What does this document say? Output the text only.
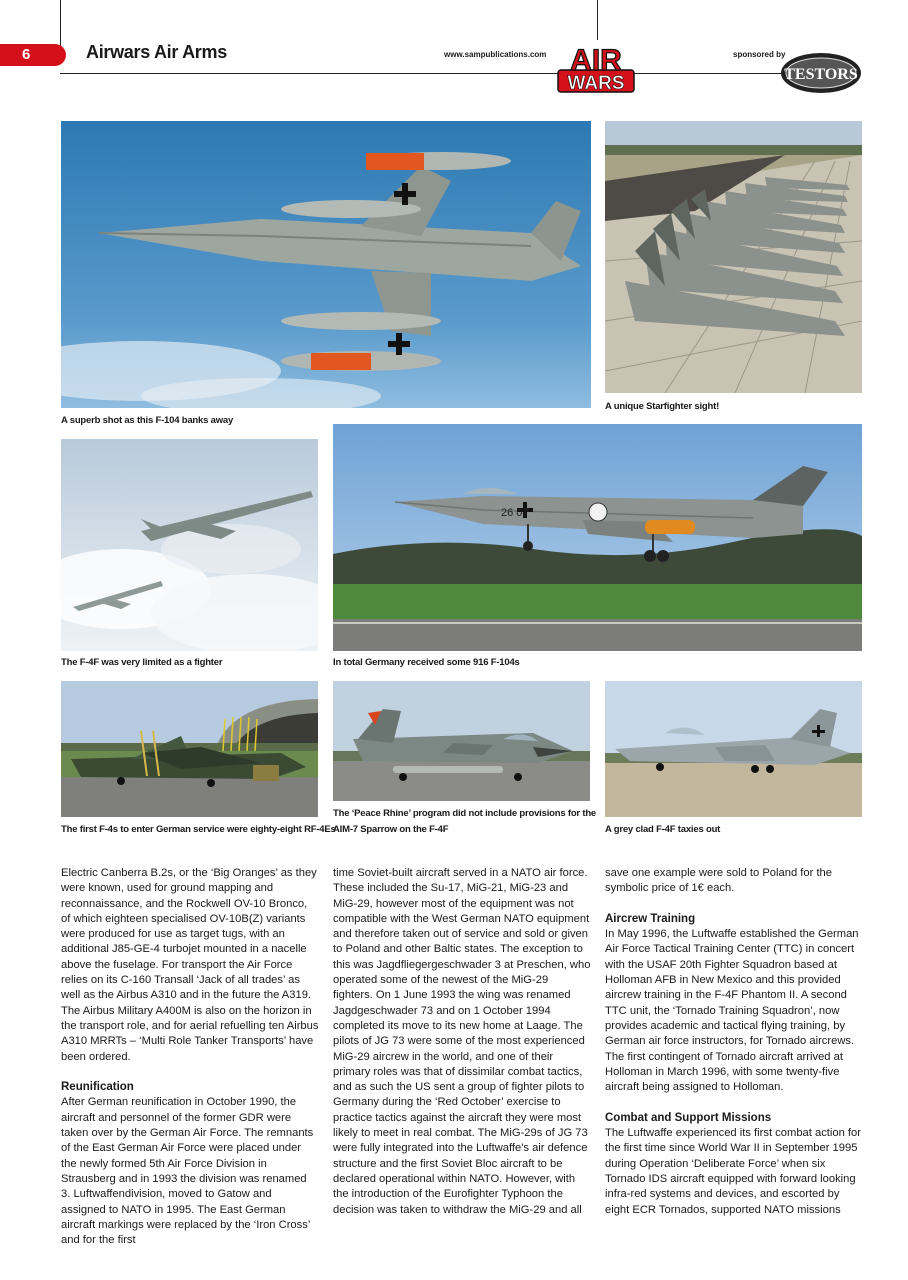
6	Airwars Air Arms	www.sampublications.com AIR
WARS
sponsored by
TESTORS
A superb shot as this F-104 banks away
A unique Starfighter sight!
The F-4F was very limited as a fighter
26 07
In total Germany received some 916 F-104s
The first F-4s to enter German service were eighty-eight RF-4Es
The ‘Peace Rhine’ program did not include provisions for the
AIM-7 Sparrow on the F-4F	A grey clad F-4F taxies out

Electric Canberra B.2s, or the ‘Big Oranges’ as they were known, used for ground mapping and reconnaissance, and the Rockwell OV-10 Bronco, of which eighteen specialised OV-10B(Z) variants were produced for use as target tugs, with an additional J85-GE-4 turbojet mounted in a nacelle above the fuselage. For transport the Air Force relies on its C-160 Transall ‘Jack of all trades’ as well as the Airbus A310 and in the future the A319. The Airbus Military A400M is also on the horizon in the transport role, and for aerial refuelling ten Airbus A310 MRRTs – ‘Multi Role Tanker Transports’ have been ordered.

Reunification

After German reunification in October 1990, the aircraft and personnel of the former GDR were taken over by the German Air Force. The remnants of the East German Air Force were placed under the newly formed 5th Air Force Division in Strausberg and in 1993 the division was renamed 3. Luftwaffendivision, moved to Gatow and assigned to NATO in 1995. The East German aircraft markings were replaced by the ‘Iron Cross’ and for the first

time Soviet-built aircraft served in a NATO air force. These included the Su-17, MiG-21, MiG-23 and MiG-29, however most of the equipment was not compatible with the West German NATO equipment and therefore taken out of service and sold or given to Poland and other Baltic states. The exception to this was Jagdfliegergeschwader 3 at Preschen, who operated some of the newest of the MiG-29 fighters. On 1 June 1993 the wing was renamed Jagdgeschwader 73 and on 1 October 1994 completed its move to its new home at Laage. The pilots of JG 73 were some of the most experienced MiG-29 aircrew in the world, and one of their primary roles was that of dissimilar combat tactics, and as such the US sent a group of fighter pilots to Germany during the ‘Red October’ exercise to practice tactics against the aircraft they were most likely to meet in real combat. The MiG-29s of JG 73 were fully integrated into the Luftwaffe's air defence structure and the first Soviet Bloc aircraft to be declared operational within NATO. However, with the introduction of the Eurofighter Typhoon the decision was taken to withdraw the MiG-29 and all

save one example were sold to Poland for the symbolic price of 1€ each.

Aircrew Training

In May 1996, the Luftwaffe established the German Air Force Tactical Training Center (TTC) in concert with the USAF 20th Fighter Squadron based at Holloman AFB in New Mexico and this provided aircrew training in the F-4F Phantom II. A second TTC unit, the ‘Tornado Training Squadron’, now provides academic and tactical flying training, by German air force instructors, for Tornado aircrews. The first contingent of Tornado aircraft arrived at Holloman in March 1996, with some twenty-five aircraft being assigned to Holloman.

Combat and Support Missions

The Luftwaffe experienced its first combat action for the first time since World War II in September 1995 during Operation ‘Deliberate Force’ when six Tornado IDS aircraft equipped with forward looking infra-red systems and devices, and escorted by eight ECR Tornados, supported NATO missions
